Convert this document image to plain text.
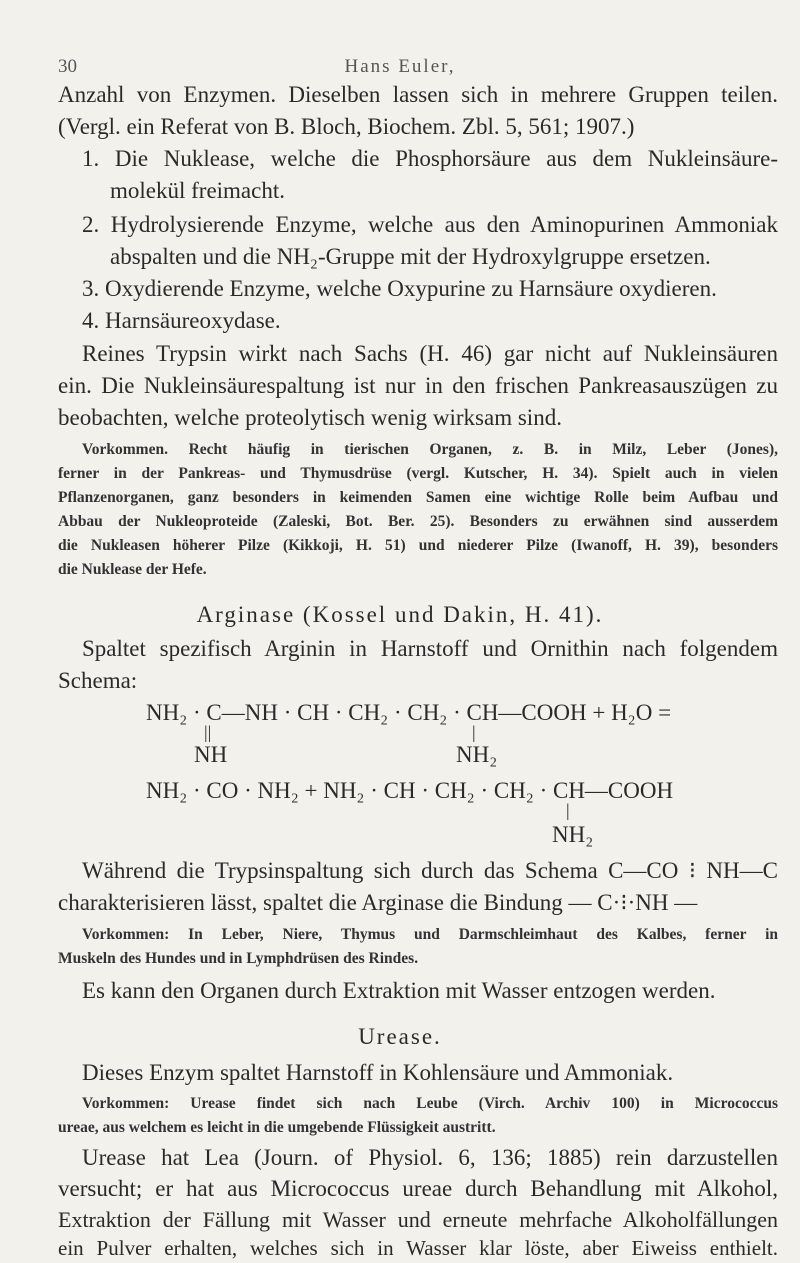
30	Hans Euler,
Anzahl von Enzymen. Dieselben lassen sich in mehrere Gruppen teilen.
(Vergl. ein Referat von B. Bloch, Biochem. Zbl. 5, 561; 1907.)
1. Die Nuklease, welche die Phosphorsäure aus dem Nukleinsäure-
molekül freimacht.
2. Hydrolysierende Enzyme, welche aus den Aminopurinen Ammoniak
abspalten und die NH₂-Gruppe mit der Hydroxylgruppe ersetzen.
3. Oxydierende Enzyme, welche Oxypurine zu Harnsäure oxydieren.
4. Harnsäureoxydase.
Reines Trypsin wirkt nach Sachs (H. 46) gar nicht auf Nukleinsäuren
ein. Die Nukleinsäurespaltung ist nur in den frischen Pankreasauszügen zu
beobachten, welche proteolytisch wenig wirksam sind.
Vorkommen. Recht häufig in tierischen Organen, z. B. in Milz, Leber (Jones),
ferner in der Pankreas- und Thymusdrüse (vergl. Kutscher, H. 34). Spielt auch in vielen
Pflanzenorganen, ganz besonders in keimenden Samen eine wichtige Rolle beim Aufbau und
Abbau der Nukleoproteide (Zaleski, Bot. Ber. 25). Besonders zu erwähnen sind ausserdem
die Nukleasen höherer Pilze (Kikkoji, H. 51) und niederer Pilze (Iwanoff, H. 39), besonders
die Nuklease der Hefe.
Arginase (Kossel und Dakin, H. 41).
Spaltet spezifisch Arginin in Harnstoff und Ornithin nach folgendem
Schema:
NH₂ · C—NH · CH · CH₂ · CH₂ · CH—COOH + H₂O =
||	|
NH	NH₂
NH₂ · CO · NH₂ + NH₂ · CH · CH₂ · CH₂ · CH—COOH
|
NH₂
Während die Trypsinspaltung sich durch das Schema C—CO ⁝ NH—C
charakterisieren lässt, spaltet die Arginase die Bindung — C·⁝·NH —
Vorkommen: In Leber, Niere, Thymus und Darmschleimhaut des Kalbes, ferner in
Muskeln des Hundes und in Lymphdrüsen des Rindes.
Es kann den Organen durch Extraktion mit Wasser entzogen werden.
Urease.
Dieses Enzym spaltet Harnstoff in Kohlensäure und Ammoniak.
Vorkommen: Urease findet sich nach Leube (Virch. Archiv 100) in Micrococcus
ureae, aus welchem es leicht in die umgebende Flüssigkeit austritt.
Urease hat Lea (Journ. of Physiol. 6, 136; 1885) rein darzustellen
versucht; er hat aus Micrococcus ureae durch Behandlung mit Alkohol,
Extraktion der Fällung mit Wasser und erneute mehrfache Alkoholfällungen
ein Pulver erhalten, welches sich in Wasser klar löste, aber Eiweiss enthielt.
